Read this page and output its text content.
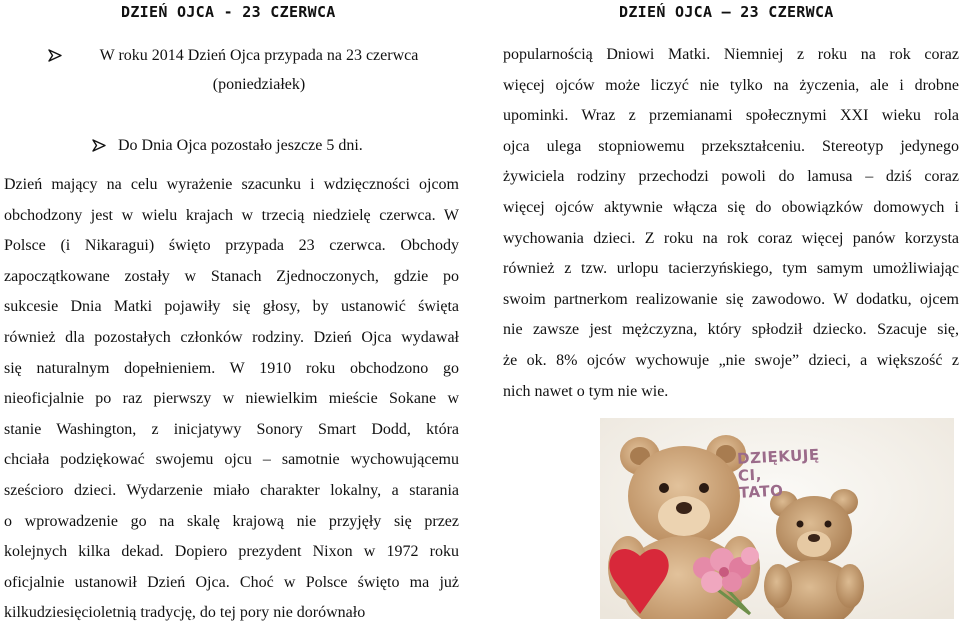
DZIEŃ OJCA - 23 CZERWCA
W roku 2014 Dzień Ojca przypada na 23 czerwca
(poniedziałek)
Do Dnia Ojca pozostało jeszcze 5 dni.
Dzień mający na celu wyrażenie szacunku i wdzięczności ojcom
obchodzony jest w wielu krajach w trzecią niedzielę czerwca. W
Polsce (i Nikaragui) święto przypada 23 czerwca. Obchody
zapoczątkowane zostały w Stanach Zjednoczonych, gdzie po
sukcesie Dnia Matki pojawiły się głosy, by ustanowić święta
również dla pozostałych członków rodziny. Dzień Ojca wydawał
się naturalnym dopełnieniem. W 1910 roku obchodzono go
nieoficjalnie po raz pierwszy w niewielkim mieście Sokane w
stanie Washington, z inicjatywy Sonory Smart Dodd, która
chciała podziękować swojemu ojcu – samotnie wychowującemu
sześcioro dzieci. Wydarzenie miało charakter lokalny, a starania
o wprowadzenie go na skalę krajową nie przyjęły się przez
kolejnych kilka dekad. Dopiero prezydent Nixon w 1972 roku
oficjalnie ustanowił Dzień Ojca. Choć w Polsce święto ma już
kilkudziesięcioletnią tradycję, do tej pory nie dorównało
DZIEŃ OJCA – 23 CZERWCA
popularnością Dniowi Matki. Niemniej z roku na rok coraz
więcej ojców może liczyć nie tylko na życzenia, ale i drobne
upominki. Wraz z przemianami społecznymi XXI wieku rola
ojca ulega stopniowemu przekształceniu. Stereotyp jedynego
żywiciela rodziny przechodzi powoli do lamusa – dziś coraz
więcej ojców aktywnie włącza się do obowiązków domowych i
wychowania dzieci. Z roku na rok coraz więcej panów korzysta
również z tzw. urlopu tacierzyńskiego, tym samym umożliwiając
swoim partnerkom realizowanie się zawodowo. W dodatku, ojcem
nie zawsze jest mężczyzna, który spłodził dziecko. Szacuje się,
że ok. 8% ojców wychowuje „nie swoje” dzieci, a większość z
nich nawet o tym nie wie.
DZIĘKUJĘ CI,
TATO
